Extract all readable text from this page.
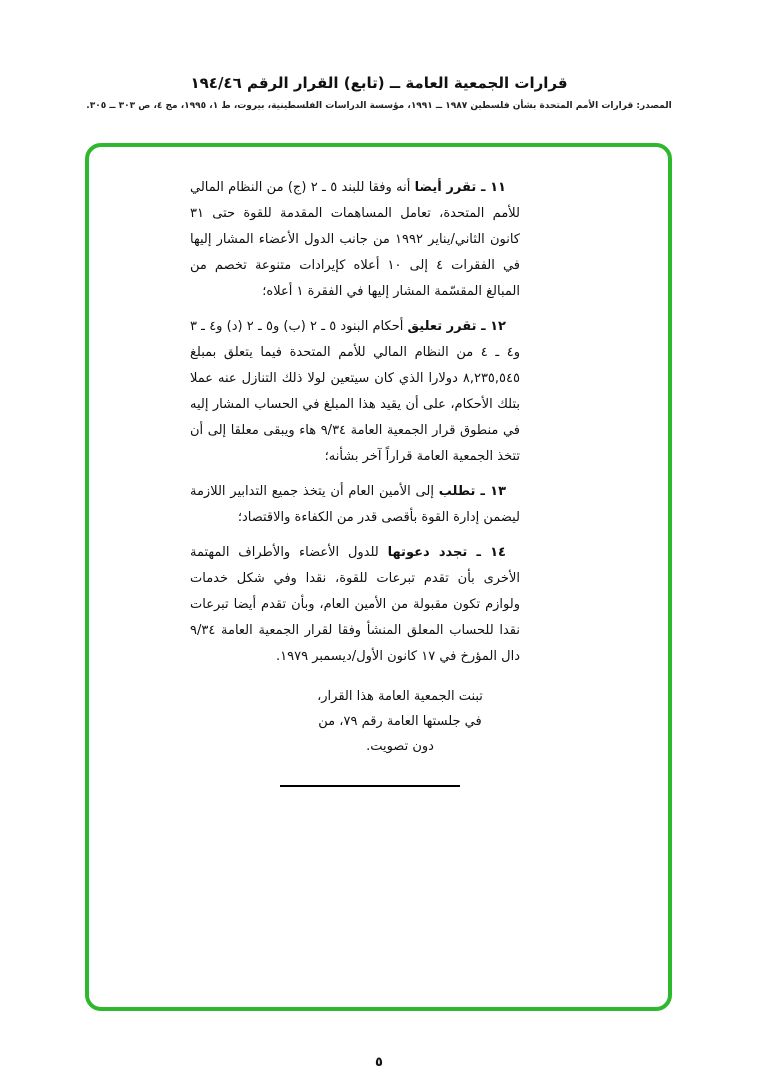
قرارات الجمعية العامة ــ (تابع) القرار الرقم ١٩٤/٤٦
المصدر: قرارات الأمم المتحدة بشأن فلسطين ١٩٨٧ ــ ١٩٩١، مؤسسة الدراسات الفلسطينية، بيروت، ط ١، ١٩٩٥، مج ٤، ص ٣٠٣ ــ ٣٠٥.

١١ ـ تقرر أيضا أنه وفقا للبند ٥ ـ ٢ (ج) من النظام المالي للأمم المتحدة، تعامل المساهمات المقدمة للقوة حتى ٣١ كانون الثاني/يناير ١٩٩٢ من جانب الدول الأعضاء المشار إليها في الفقرات ٤ إلى ١٠ أعلاه كإيرادات متنوعة تخصم من المبالغ المقسّمة المشار إليها في الفقرة ١ أعلاه؛

١٢ ـ تقرر تعليق أحكام البنود ٥ ـ ٢ (ب) و٥ ـ ٢ (د) و٤ ـ ٣ و٤ ـ ٤ من النظام المالي للأمم المتحدة فيما يتعلق بمبلغ ٨,٢٣٥,٥٤٥ دولارا الذي كان سيتعين لولا ذلك التنازل عنه عملا بتلك الأحكام، على أن يقيد هذا المبلغ في الحساب المشار إليه في منطوق قرار الجمعية العامة ٩/٣٤ هاء ويبقى معلقا إلى أن تتخذ الجمعية العامة قراراً آخر بشأنه؛

١٣ ـ تطلب إلى الأمين العام أن يتخذ جميع التدابير اللازمة ليضمن إدارة القوة بأقصى قدر من الكفاءة والاقتصاد؛

١٤ ـ تجدد دعوتها للدول الأعضاء والأطراف المهتمة الأخرى بأن تقدم تبرعات للقوة، نقدا وفي شكل خدمات ولوازم تكون مقبولة من الأمين العام، وبأن تقدم أيضا تبرعات نقدا للحساب المعلق المنشأ وفقا لقرار الجمعية العامة ٩/٣٤ دال المؤرخ في ١٧ كانون الأول/ديسمبر ١٩٧٩.

تبنت الجمعية العامة هذا القرار،
في جلستها العامة رقم ٧٩، من
دون تصويت.
٥
